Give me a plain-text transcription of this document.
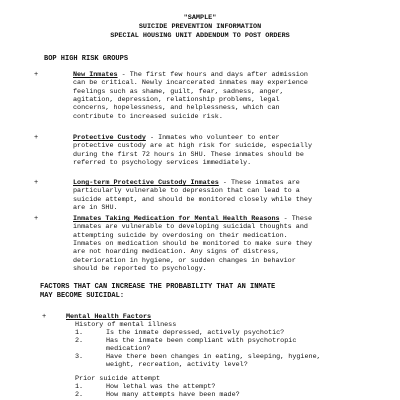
"SAMPLE"
SUICIDE PREVENTION INFORMATION
SPECIAL HOUSING UNIT ADDENDUM TO POST ORDERS
BOP HIGH RISK GROUPS
+	New Inmates - The first few hours and days after admission
can be critical. Newly incarcerated inmates may experience
feelings such as shame, guilt, fear, sadness, anger,
agitation, depression, relationship problems, legal
concerns, hopelessness, and helplessness, which can
contribute to increased suicide risk.
+	Protective Custody - Inmates who volunteer to enter
protective custody are at high risk for suicide, especially
during the first 72 hours in SHU. These inmates should be
referred to psychology services immediately.
+	Long-term Protective Custody Inmates - These inmates are
particularly vulnerable to depression that can lead to a
suicide attempt, and should be monitored closely while they
are in SHU.
+	Inmates Taking Medication for Mental Health Reasons - These
inmates are vulnerable to developing suicidal thoughts and
attempting suicide by overdosing on their medication.
Inmates on medication should be monitored to make sure they
are not hoarding medication. Any signs of distress,
deterioration in hygiene, or sudden changes in behavior
should be reported to psychology.
FACTORS THAT CAN INCREASE THE PROBABILITY THAT AN INMATE
MAY BECOME SUICIDAL:
+	Mental Health Factors
History of mental illness
1.	Is the inmate depressed, actively psychotic?
2.	Has the inmate been compliant with psychotropic
medication?
3.	Have there been changes in eating, sleeping, hygiene,
weight, recreation, activity level?
Prior suicide attempt
1.	How lethal was the attempt?
2.	How many attempts have been made?
